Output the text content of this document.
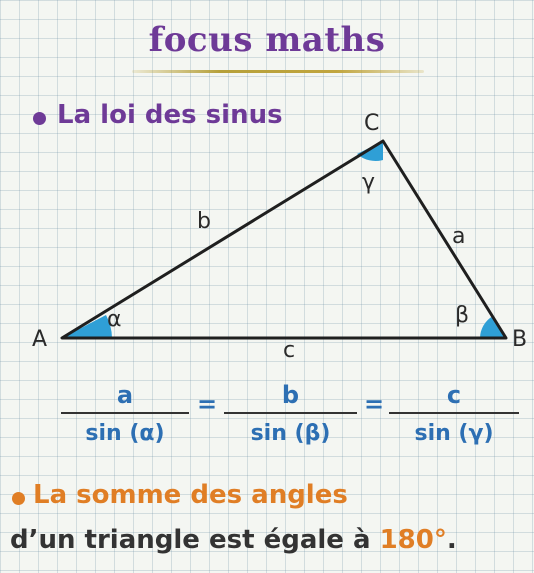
focus maths
La loi des sinus
A	B
C
b
a
c
α	β
γ
a
sin (α)
=	b
sin (β)
=	c
sin (γ)
La somme des angles
d’un triangle est égale à 180°.
